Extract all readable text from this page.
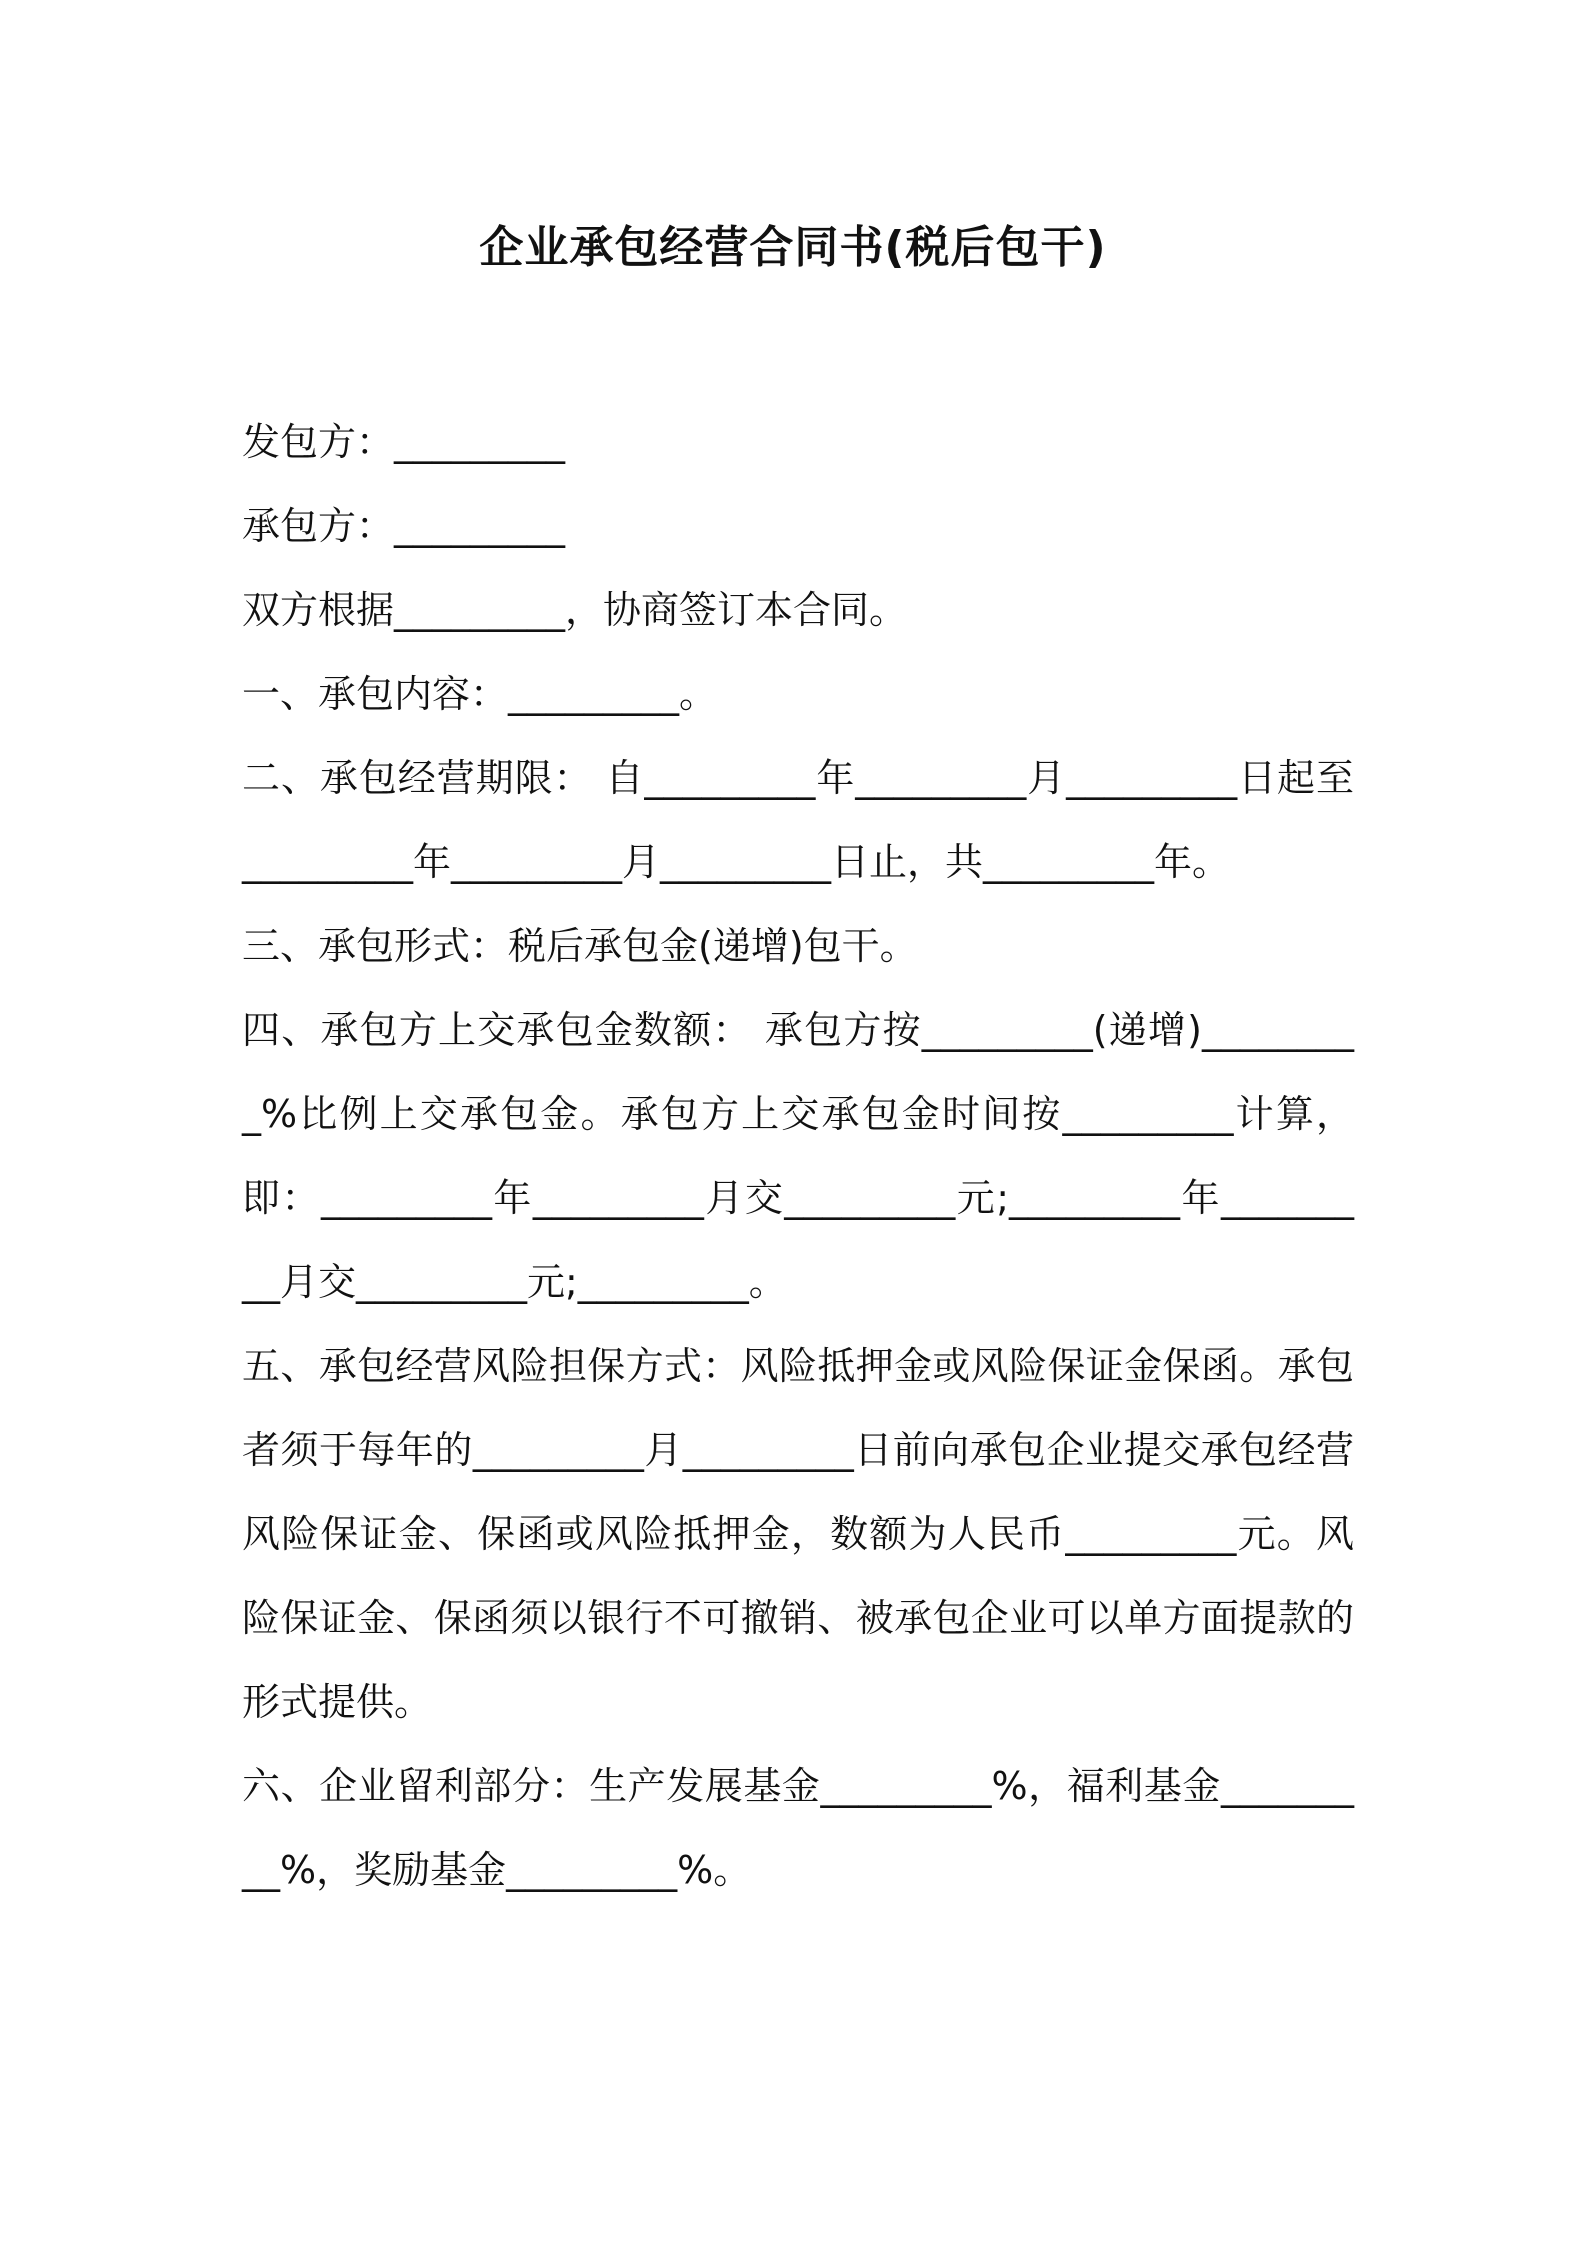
企业承包经营合同书(税后包干)

发包方：_________

承包方：_________

双方根据_________，协商签订本合同。

一、承包内容：_________。

二、承包经营期限： 自_________年_________月_________日起至_________年_________月_________日止，共_________年。

三、承包形式：税后承包金(递增)包干。

四、承包方上交承包金数额： 承包方按_________(递增)_________%比例上交承包金。承包方上交承包金时间按_________计算，即：_________年_________月交_________元;_________年_________月交_________元;_________。

五、承包经营风险担保方式：风险抵押金或风险保证金保函。承包者须于每年的_________月_________日前向承包企业提交承包经营风险保证金、保函或风险抵押金，数额为人民币_________元。风险保证金、保函须以银行不可撤销、被承包企业可以单方面提款的形式提供。

六、企业留利部分：生产发展基金_________%，福利基金_________%，奖励基金_________%。
